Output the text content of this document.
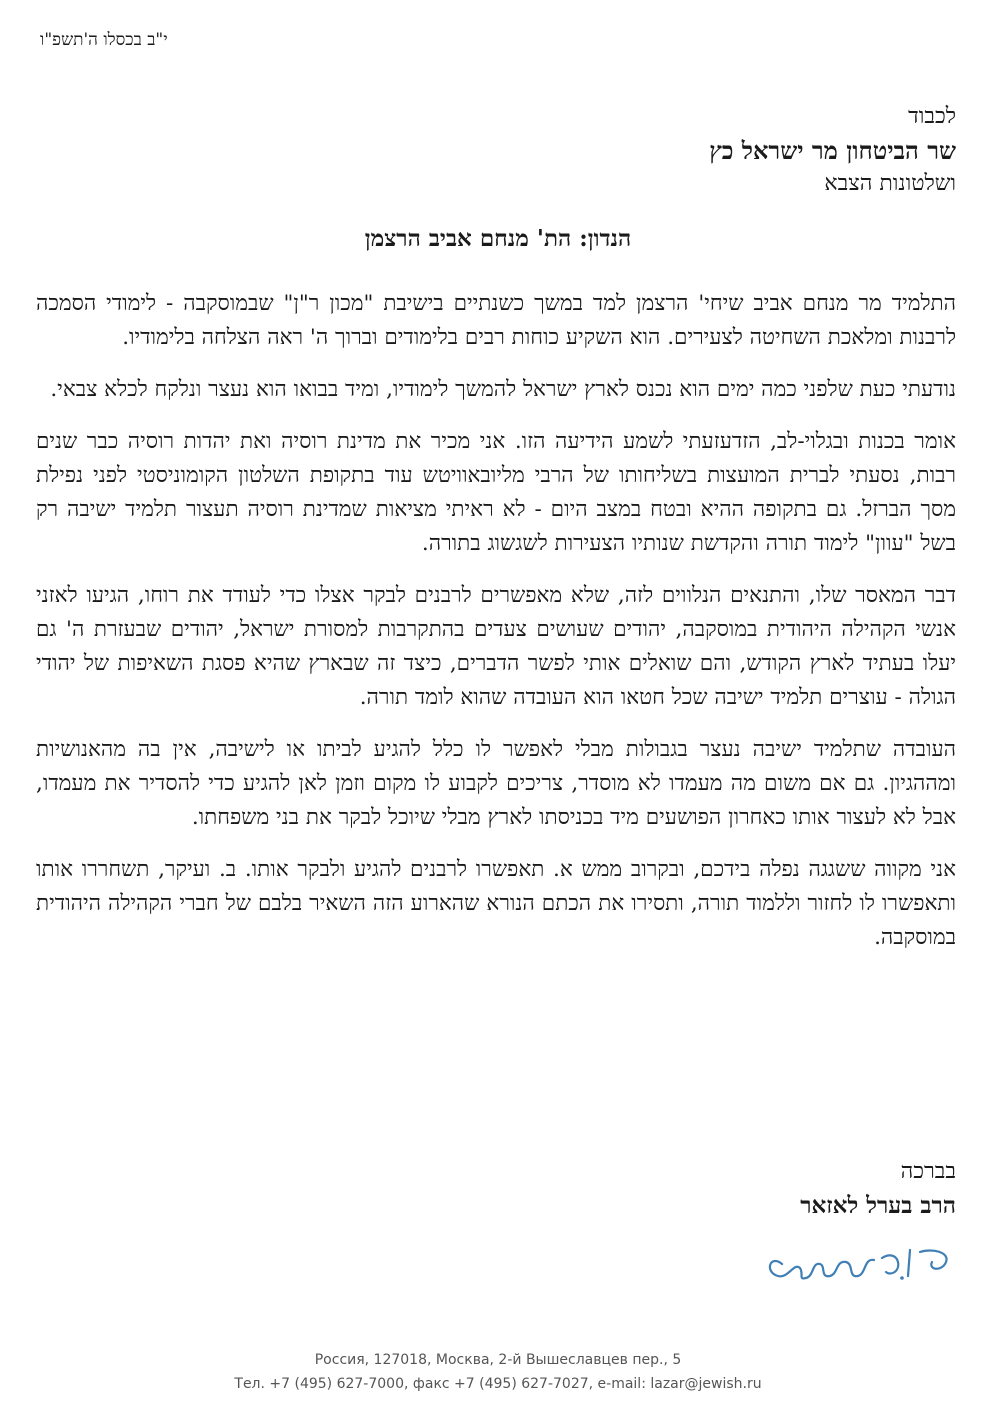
י"ב בכסלו ה'תשפ"ו
לכבוד
שר הביטחון מר ישראל כץ
ושלטונות הצבא
הנדון: הת' מנחם אביב הרצמן

התלמיד מר מנחם אביב שיחי' הרצמן למד במשך כשנתיים בישיבת "מכון ר"ן" שבמוסקבה - לימודי הסמכה לרבנות ומלאכת השחיטה לצעירים. הוא השקיע כוחות רבים בלימודים וברוך ה' ראה הצלחה בלימודיו.

נודעתי כעת שלפני כמה ימים הוא נכנס לארץ ישראל להמשך לימודיו, ומיד בבואו הוא נעצר ונלקח לכלא צבאי.

אומר בכנות ובגלוי-לב, הזדעזעתי לשמע הידיעה הזו. אני מכיר את מדינת רוסיה ואת יהדות רוסיה כבר שנים רבות, נסעתי לברית המועצות בשליחותו של הרבי מליובאוויטש עוד בתקופת השלטון הקומוניסטי לפני נפילת מסך הברזל. גם בתקופה ההיא ובטח במצב היום - לא ראיתי מציאות שמדינת רוסיה תעצור תלמיד ישיבה רק בשל "עוון" לימוד תורה והקדשת שנותיו הצעירות לשגשוג בתורה.

דבר המאסר שלו, והתנאים הנלווים לזה, שלא מאפשרים לרבנים לבקר אצלו כדי לעודד את רוחו, הגיעו לאזני אנשי הקהילה היהודית במוסקבה, יהודים שעושים צעדים בהתקרבות למסורת ישראל, יהודים שבעזרת ה' גם יעלו בעתיד לארץ הקודש, והם שואלים אותי לפשר הדברים, כיצד זה שבארץ שהיא פסגת השאיפות של יהודי הגולה - עוצרים תלמיד ישיבה שכל חטאו הוא העובדה שהוא לומד תורה.

העובדה שתלמיד ישיבה נעצר בגבולות מבלי לאפשר לו כלל להגיע לביתו או לישיבה, אין בה מהאנושיות ומההגיון. גם אם משום מה מעמדו לא מוסדר, צריכים לקבוע לו מקום וזמן לאן להגיע כדי להסדיר את מעמדו, אבל לא לעצור אותו כאחרון הפושעים מיד בכניסתו לארץ מבלי שיוכל לבקר את בני משפחתו.

אני מקווה ששגגה נפלה בידכם, ובקרוב ממש א. תאפשרו לרבנים להגיע ולבקר אותו. ב. ועיקר, תשחררו אותו ותאפשרו לו לחזור וללמוד תורה, ותסירו את הכתם הנורא שהארוע הזה השאיר בלבם של חברי הקהילה היהודית במוסקבה.

בברכה
הרב בערל לאזאר
Россия, 127018, Москва, 2-й Вышеславцев пер., 5
Тел. +7 (495) 627-7000, факс +7 (495) 627-7027, e-mail: lazar@jewish.ru
